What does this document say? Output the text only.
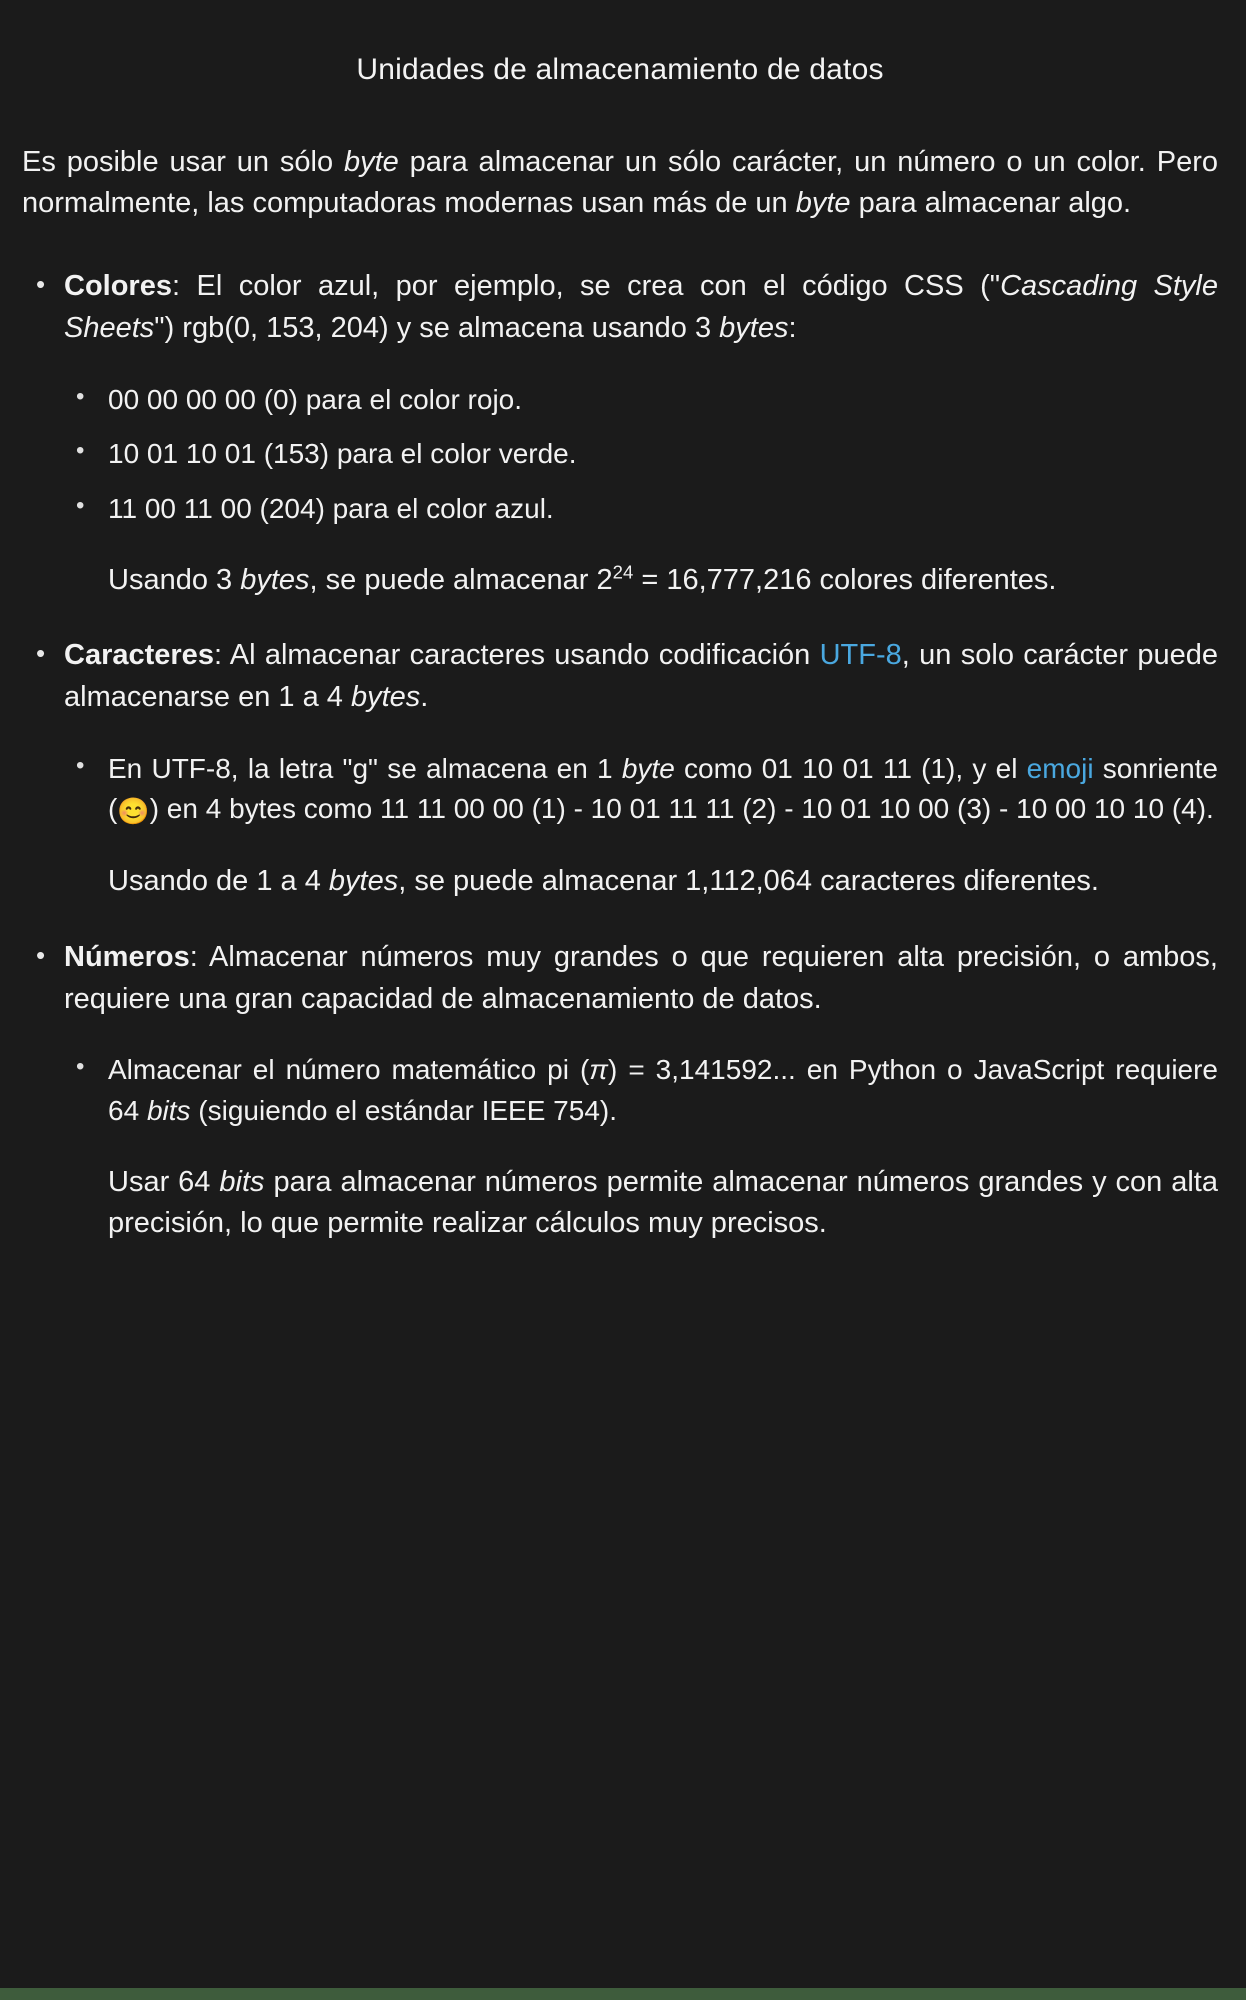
Unidades de almacenamiento de datos

Es posible usar un sólo byte para almacenar un sólo carácter, un número o un color. Pero normalmente, las computadoras modernas usan más de un byte para almacenar algo.

• Colores: El color azul, por ejemplo, se crea con el código CSS ("Cascading Style Sheets") rgb(0, 153, 204) y se almacena usando 3 bytes:
• 00 00 00 00 (0) para el color rojo.
• 10 01 10 01 (153) para el color verde.
• 11 00 11 00 (204) para el color azul.

Usando 3 bytes, se puede almacenar $2^{24} = 16,777,216$ colores diferentes.

• Caracteres: Al almacenar caracteres usando codificación UTF-8, un solo carácter puede almacenarse en 1 a 4 bytes.
• En UTF-8, la letra "g" se almacena en 1 byte como 01 10 01 11 (1), y el emoji sonriente (😊) en 4 bytes como 11 11 00 00 (1) - 10 01 11 11 (2) - 10 01 10 00 (3) - 10 00 10 10 (4).

Usando de 1 a 4 bytes, se puede almacenar 1,112,064 caracteres diferentes.

• Números: Almacenar números muy grandes o que requieren alta precisión, o ambos, requiere una gran capacidad de almacenamiento de datos.
• Almacenar el número matemático pi (π) = 3,141592... en Python o JavaScript requiere 64 bits (siguiendo el estándar IEEE 754).

Usar 64 bits para almacenar números permite almacenar números grandes y con alta precisión, lo que permite realizar cálculos muy precisos.
